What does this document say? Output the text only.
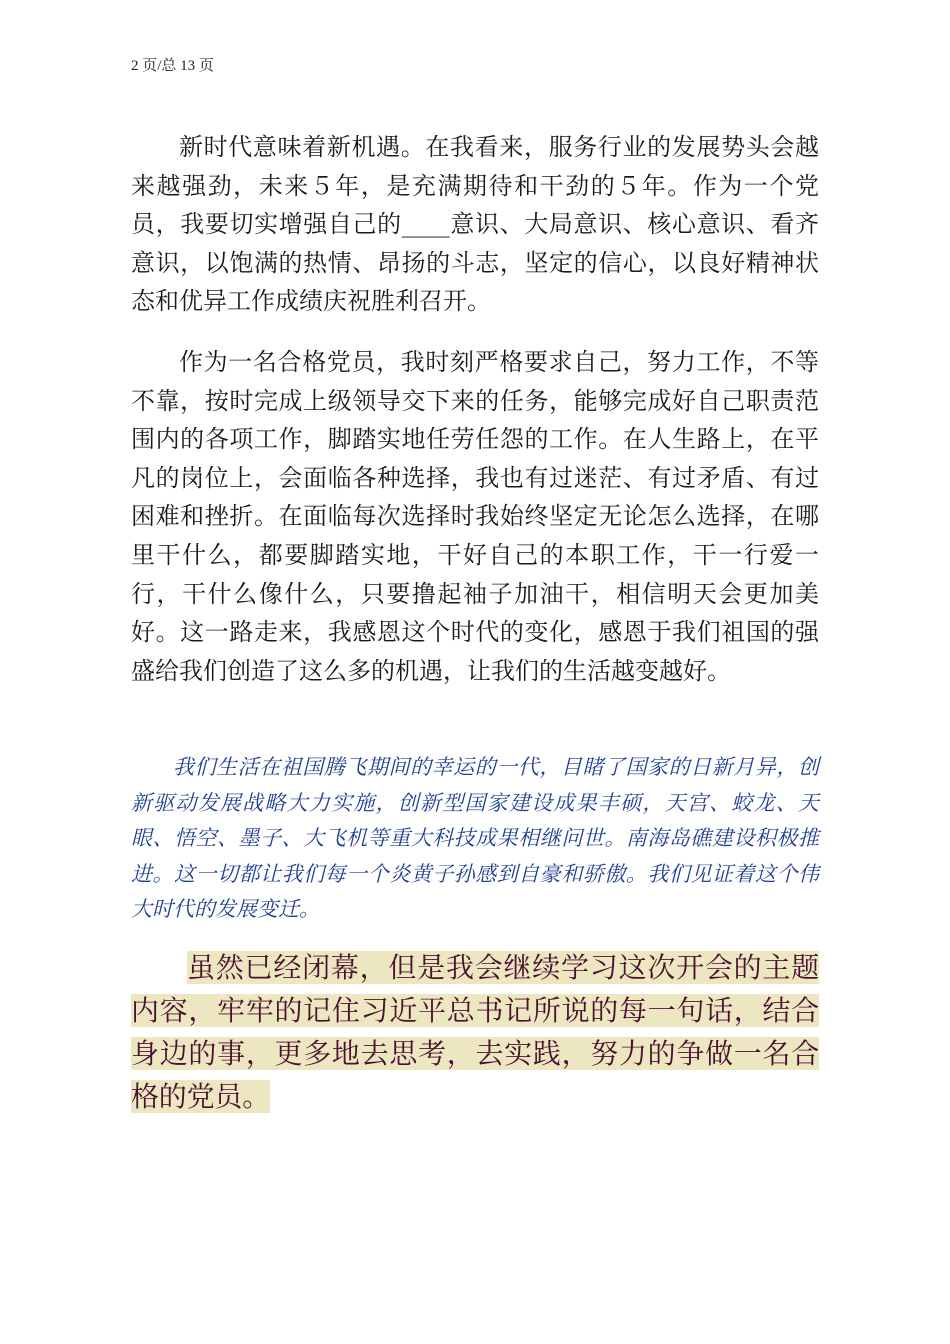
2 页/总 13 页

新时代意味着新机遇。在我看来，服务行业的发展势头会越来越强劲，未来５年，是充满期待和干劲的５年。作为一个党员，我要切实增强自己的____意识、大局意识、核心意识、看齐意识，以饱满的热情、昂扬的斗志，坚定的信心，以良好精神状态和优异工作成绩庆祝胜利召开。

作为一名合格党员，我时刻严格要求自己，努力工作，不等不靠，按时完成上级领导交下来的任务，能够完成好自己职责范围内的各项工作，脚踏实地任劳任怨的工作。在人生路上，在平凡的岗位上，会面临各种选择，我也有过迷茫、有过矛盾、有过困难和挫折。在面临每次选择时我始终坚定无论怎么选择，在哪里干什么，都要脚踏实地，干好自己的本职工作，干一行爱一行，干什么像什么，只要撸起袖子加油干，相信明天会更加美好。这一路走来，我感恩这个时代的变化，感恩于我们祖国的强盛给我们创造了这么多的机遇，让我们的生活越变越好。

我们生活在祖国腾飞期间的幸运的一代，目睹了国家的日新月异，创新驱动发展战略大力实施，创新型国家建设成果丰硕，天宫、蛟龙、天眼、悟空、墨子、大飞机等重大科技成果相继问世。南海岛礁建设积极推进。这一切都让我们每一个炎黄子孙感到自豪和骄傲。我们见证着这个伟大时代的发展变迁。

虽然已经闭幕，但是我会继续学习这次开会的主题内容，牢牢的记住习近平总书记所说的每一句话，结合身边的事，更多地去思考，去实践，努力的争做一名合格的党员。
